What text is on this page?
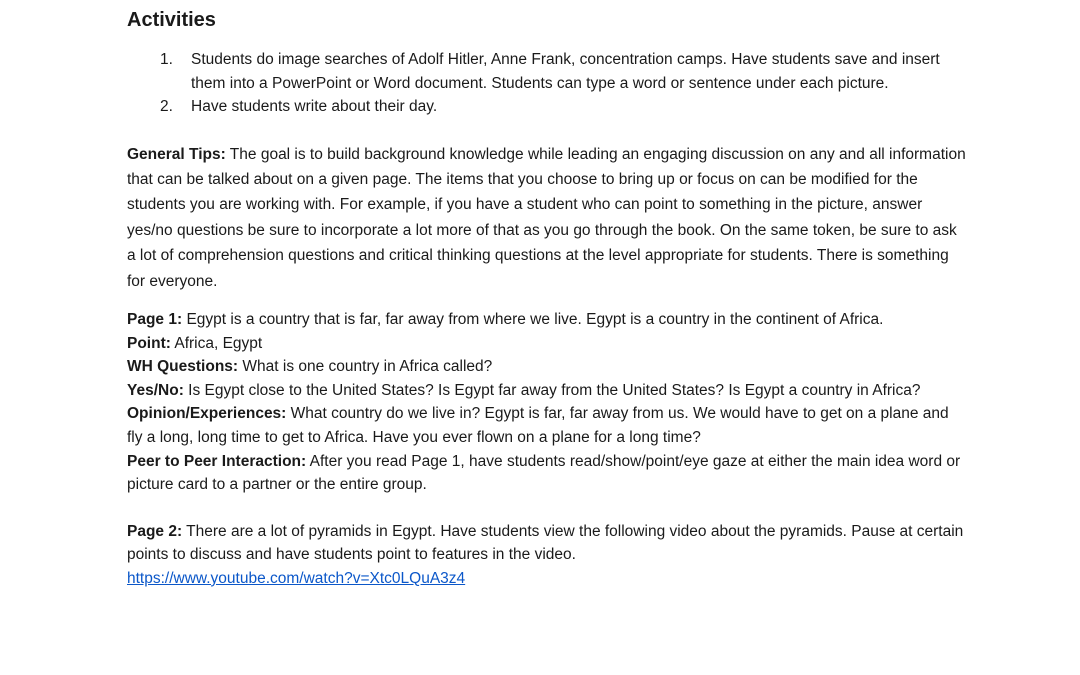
Activities
1. Students do image searches of Adolf Hitler, Anne Frank, concentration camps. Have students save and insert them into a PowerPoint or Word document. Students can type a word or sentence under each picture.
2. Have students write about their day.

General Tips: The goal is to build background knowledge while leading an engaging discussion on any and all information that can be talked about on a given page. The items that you choose to bring up or focus on can be modified for the students you are working with. For example, if you have a student who can point to something in the picture, answer yes/no questions be sure to incorporate a lot more of that as you go through the book. On the same token, be sure to ask a lot of comprehension questions and critical thinking questions at the level appropriate for students. There is something for everyone.

Page 1: Egypt is a country that is far, far away from where we live. Egypt is a country in the continent of Africa.

Point: Africa, Egypt

WH Questions: What is one country in Africa called?

Yes/No: Is Egypt close to the United States? Is Egypt far away from the United States? Is Egypt a country in Africa?

Opinion/Experiences: What country do we live in? Egypt is far, far away from us. We would have to get on a plane and fly a long, long time to get to Africa. Have you ever flown on a plane for a long time?

Peer to Peer Interaction: After you read Page 1, have students read/show/point/eye gaze at either the main idea word or picture card to a partner or the entire group.

Page 2: There are a lot of pyramids in Egypt. Have students view the following video about the pyramids. Pause at certain points to discuss and have students point to features in the video.

https://www.youtube.com/watch?v=Xtc0LQuA3z4
